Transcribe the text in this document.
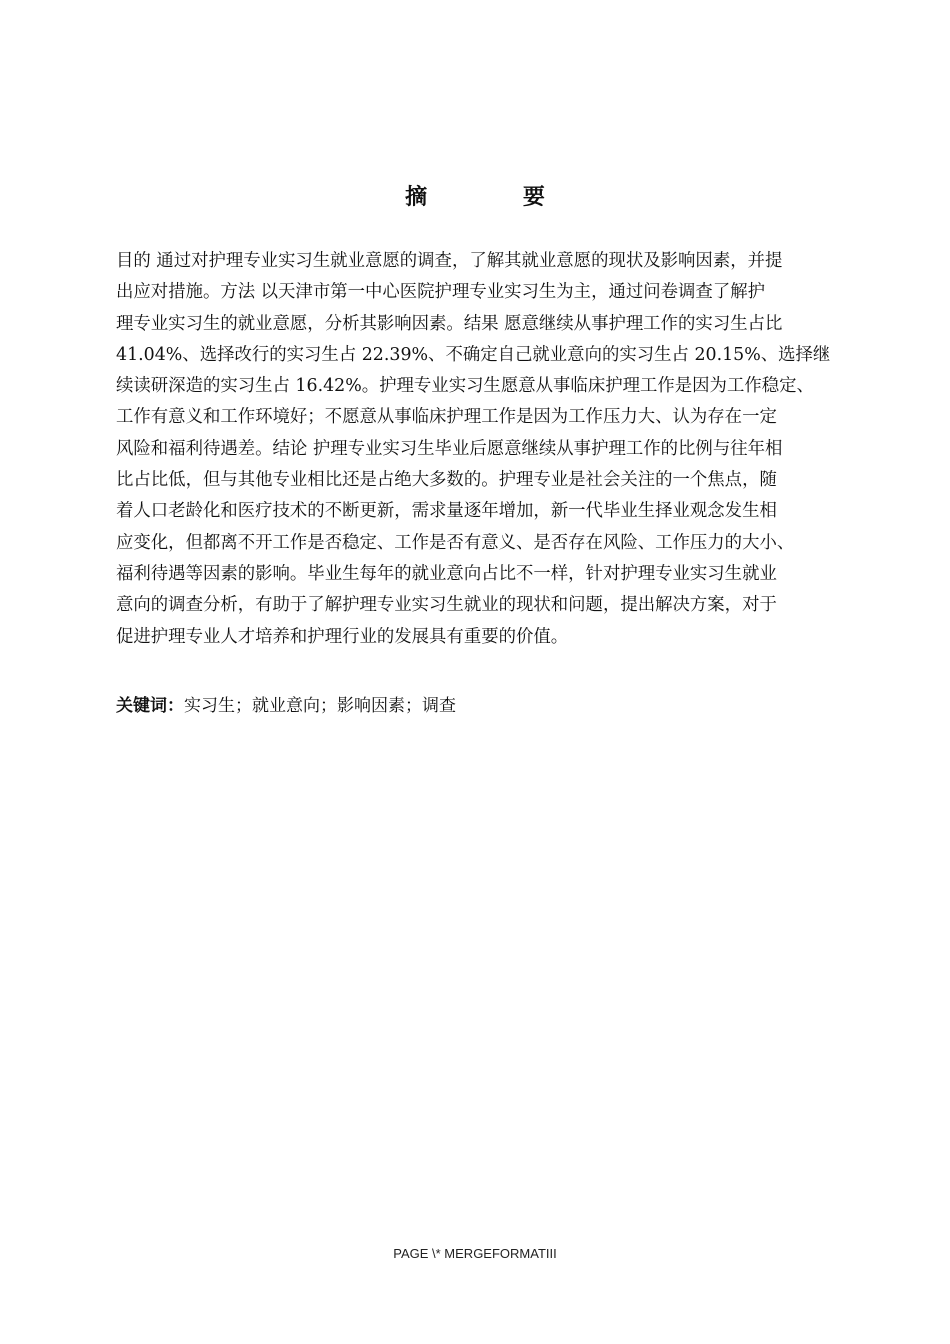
摘 要
目的 通过对护理专业实习生就业意愿的调查，了解其就业意愿的现状及影响因素，并提
出应对措施。方法 以天津市第一中心医院护理专业实习生为主，通过问卷调查了解护
理专业实习生的就业意愿，分析其影响因素。结果 愿意继续从事护理工作的实习生占比
41.04%、选择改行的实习生占 22.39%、不确定自己就业意向的实习生占 20.15%、选择继
续读研深造的实习生占 16.42%。护理专业实习生愿意从事临床护理工作是因为工作稳定、
工作有意义和工作环境好；不愿意从事临床护理工作是因为工作压力大、认为存在一定
风险和福利待遇差。结论 护理专业实习生毕业后愿意继续从事护理工作的比例与往年相
比占比低，但与其他专业相比还是占绝大多数的。护理专业是社会关注的一个焦点，随
着人口老龄化和医疗技术的不断更新，需求量逐年增加，新一代毕业生择业观念发生相
应变化，但都离不开工作是否稳定、工作是否有意义、是否存在风险、工作压力的大小、
福利待遇等因素的影响。毕业生每年的就业意向占比不一样，针对护理专业实习生就业
意向的调查分析，有助于了解护理专业实习生就业的现状和问题，提出解决方案，对于
促进护理专业人才培养和护理行业的发展具有重要的价值。
关键词：实习生；就业意向；影响因素；调查
PAGE \* MERGEFORMATIII
